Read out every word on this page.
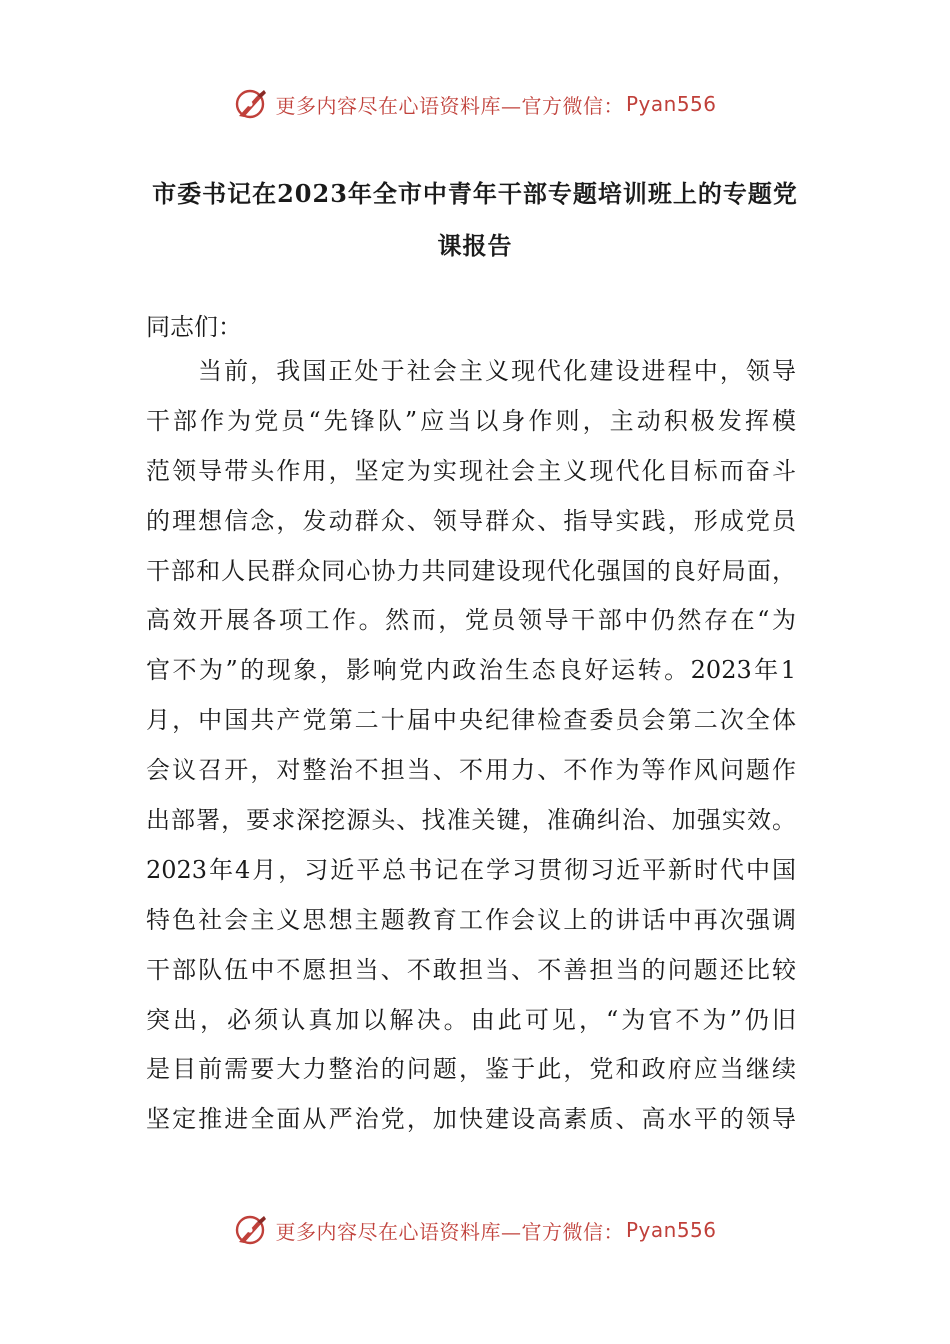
更多内容尽在心语资料库—官方微信： Pyan556
市委书记在2023年全市中青年干部专题培训班上的专题党
课报告
同志们：
当前，我国正处于社会主义现代化建设进程中，领导
干部作为党员“先锋队”应当以身作则，主动积极发挥模
范领导带头作用，坚定为实现社会主义现代化目标而奋斗
的理想信念，发动群众、领导群众、指导实践，形成党员
干部和人民群众同心协力共同建设现代化强国的良好局面，
高效开展各项工作。然而，党员领导干部中仍然存在“为
官不为”的现象，影响党内政治生态良好运转。2023年1
月，中国共产党第二十届中央纪律检查委员会第二次全体
会议召开，对整治不担当、不用力、不作为等作风问题作
出部署，要求深挖源头、找准关键，准确纠治、加强实效。
2023年4月，习近平总书记在学习贯彻习近平新时代中国
特色社会主义思想主题教育工作会议上的讲话中再次强调
干部队伍中不愿担当、不敢担当、不善担当的问题还比较
突出，必须认真加以解决。由此可见，“为官不为”仍旧
是目前需要大力整治的问题，鉴于此，党和政府应当继续
坚定推进全面从严治党，加快建设高素质、高水平的领导
更多内容尽在心语资料库—官方微信： Pyan556
